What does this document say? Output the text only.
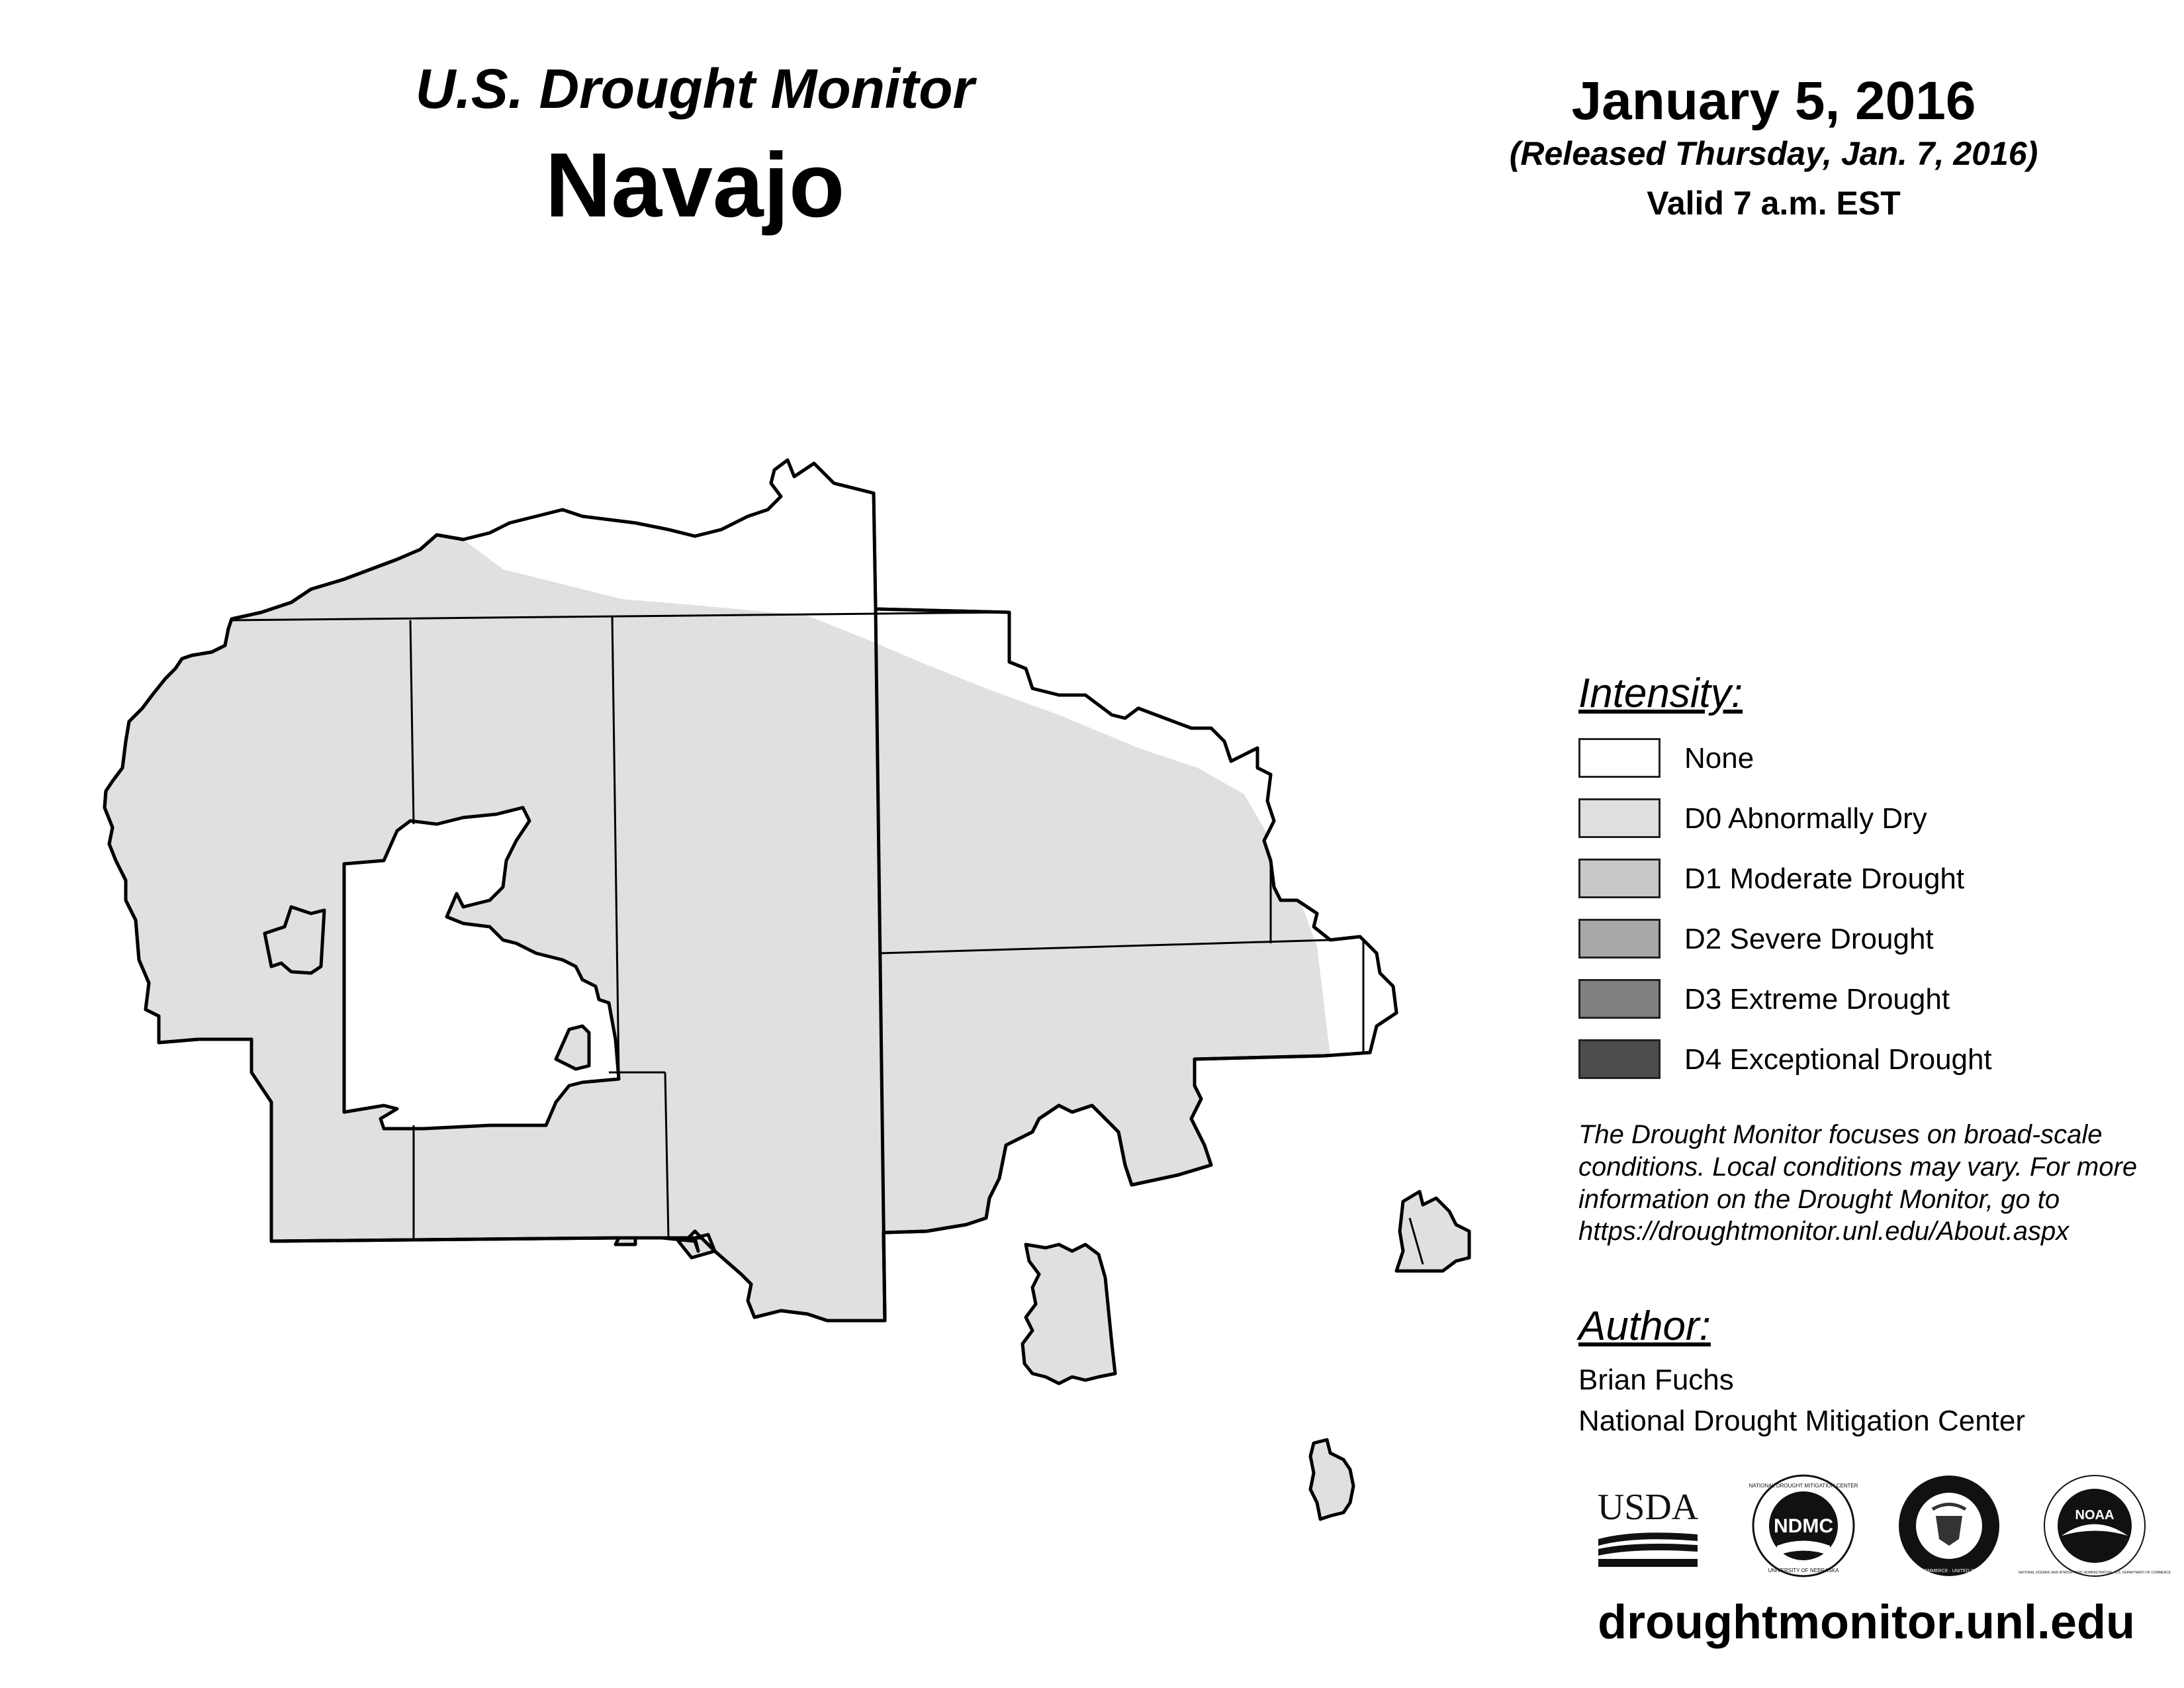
U.S. Drought Monitor
Navajo
January 5, 2016
(Released Thursday, Jan. 7, 2016)
Valid 7 a.m. EST
Intensity:
None
D0 Abnormally Dry
D1 Moderate Drought
D2 Severe Drought
D3 Extreme Drought
D4 Exceptional Drought
The Drought Monitor focuses on broad-scale conditions. Local conditions may vary. For more information on the Drought Monitor, go to https://droughtmonitor.unl.edu/About.aspx
Author:
Brian Fuchs
National Drought Mitigation Center
USDA	NDMC
NATIONAL DROUGHT MITIGATION CENTER
UNIVERSITY OF NEBRASKA	DEPARTMENT OF COMMERCE · UNITED STATES OF AMERICA
NOAA
NATIONAL OCEANIC AND ATMOSPHERIC ADMINISTRATION · U.S. DEPARTMENT OF COMMERCE
droughtmonitor.unl.edu
